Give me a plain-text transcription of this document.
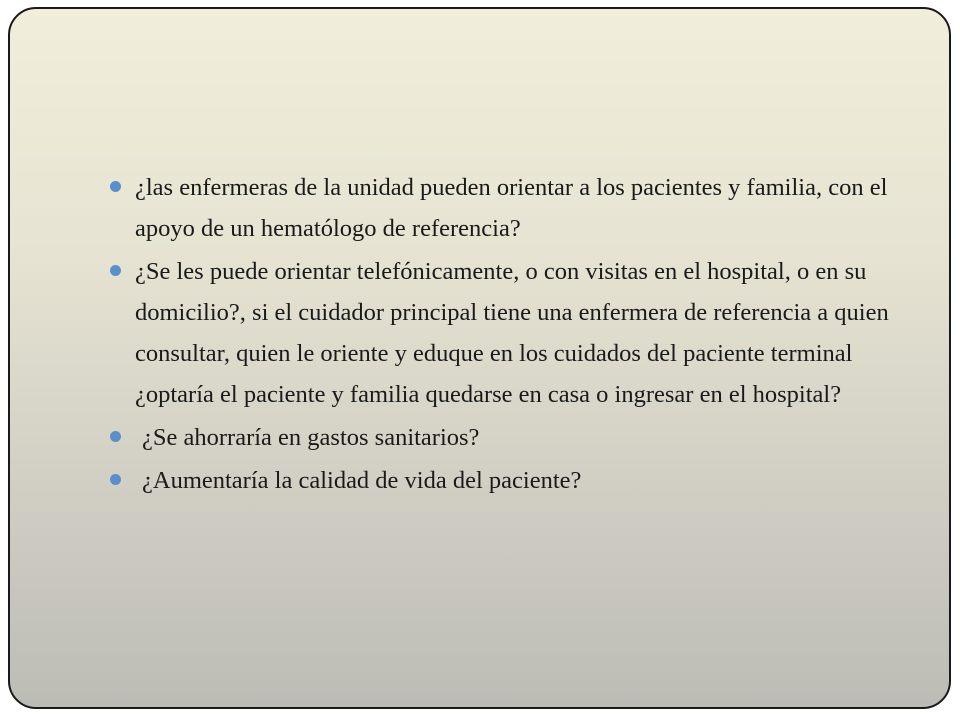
¿las enfermeras de la unidad pueden orientar a los pacientes y familia, con el apoyo de un hematólogo de referencia?
¿Se les puede orientar telefónicamente, o con visitas en el hospital, o en su domicilio?, si el cuidador principal tiene una enfermera de referencia a quien consultar, quien le oriente y eduque en los cuidados del paciente terminal ¿optaría el paciente y familia quedarse en casa o ingresar en el hospital?
¿Se ahorraría en gastos sanitarios?
¿Aumentaría la calidad de vida del paciente?
